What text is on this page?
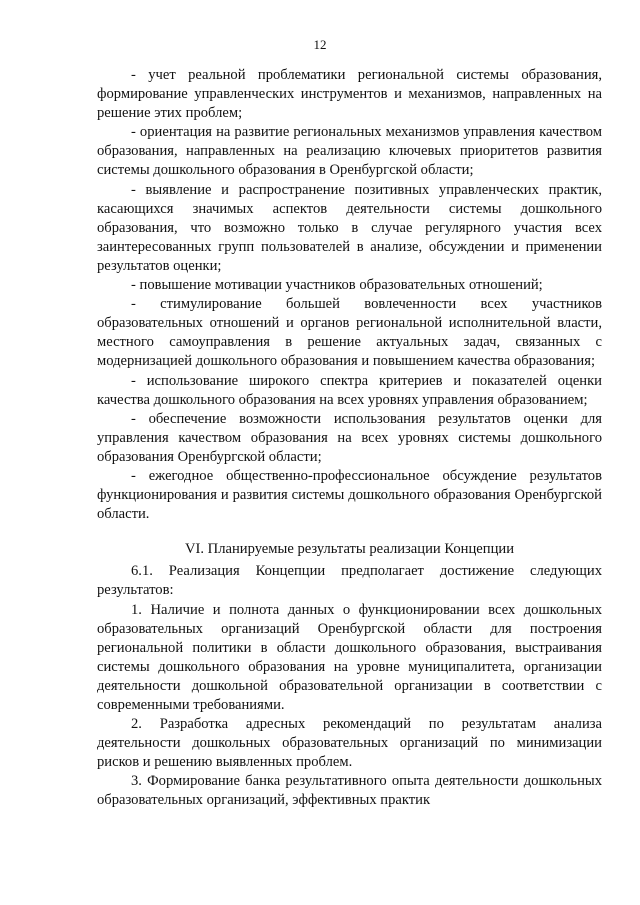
12

- учет реальной проблематики региональной системы образования, формирование управленческих инструментов и механизмов, направленных на решение этих проблем;

- ориентация на развитие региональных механизмов управления качеством образования, направленных на реализацию ключевых приоритетов развития системы дошкольного образования в Оренбургской области;

- выявление и распространение позитивных управленческих практик, касающихся значимых аспектов деятельности системы дошкольного образования, что возможно только в случае регулярного участия всех заинтересованных групп пользователей в анализе, обсуждении и применении результатов оценки;

- повышение мотивации участников образовательных отношений;

- стимулирование большей вовлеченности всех участников образовательных отношений и органов региональной исполнительной власти, местного самоуправления в решение актуальных задач, связанных с модернизацией дошкольного образования и повышением качества образования;

- использование широкого спектра критериев и показателей оценки качества дошкольного образования на всех уровнях управления образованием;

- обеспечение возможности использования результатов оценки для управления качеством образования на всех уровнях системы дошкольного образования Оренбургской области;

- ежегодное общественно-профессиональное обсуждение результатов функционирования и развития системы дошкольного образования Оренбургской области.

VI. Планируемые результаты реализации Концепции

6.1. Реализация Концепции предполагает достижение следующих результатов:

1. Наличие и полнота данных о функционировании всех дошкольных образовательных организаций Оренбургской области для построения региональной политики в области дошкольного образования, выстраивания системы дошкольного образования на уровне муниципалитета, организации деятельности дошкольной образовательной организации в соответствии с современными требованиями.

2. Разработка адресных рекомендаций по результатам анализа деятельности дошкольных образовательных организаций по минимизации рисков и решению выявленных проблем.

3. Формирование банка результативного опыта деятельности дошкольных образовательных организаций, эффективных практик
